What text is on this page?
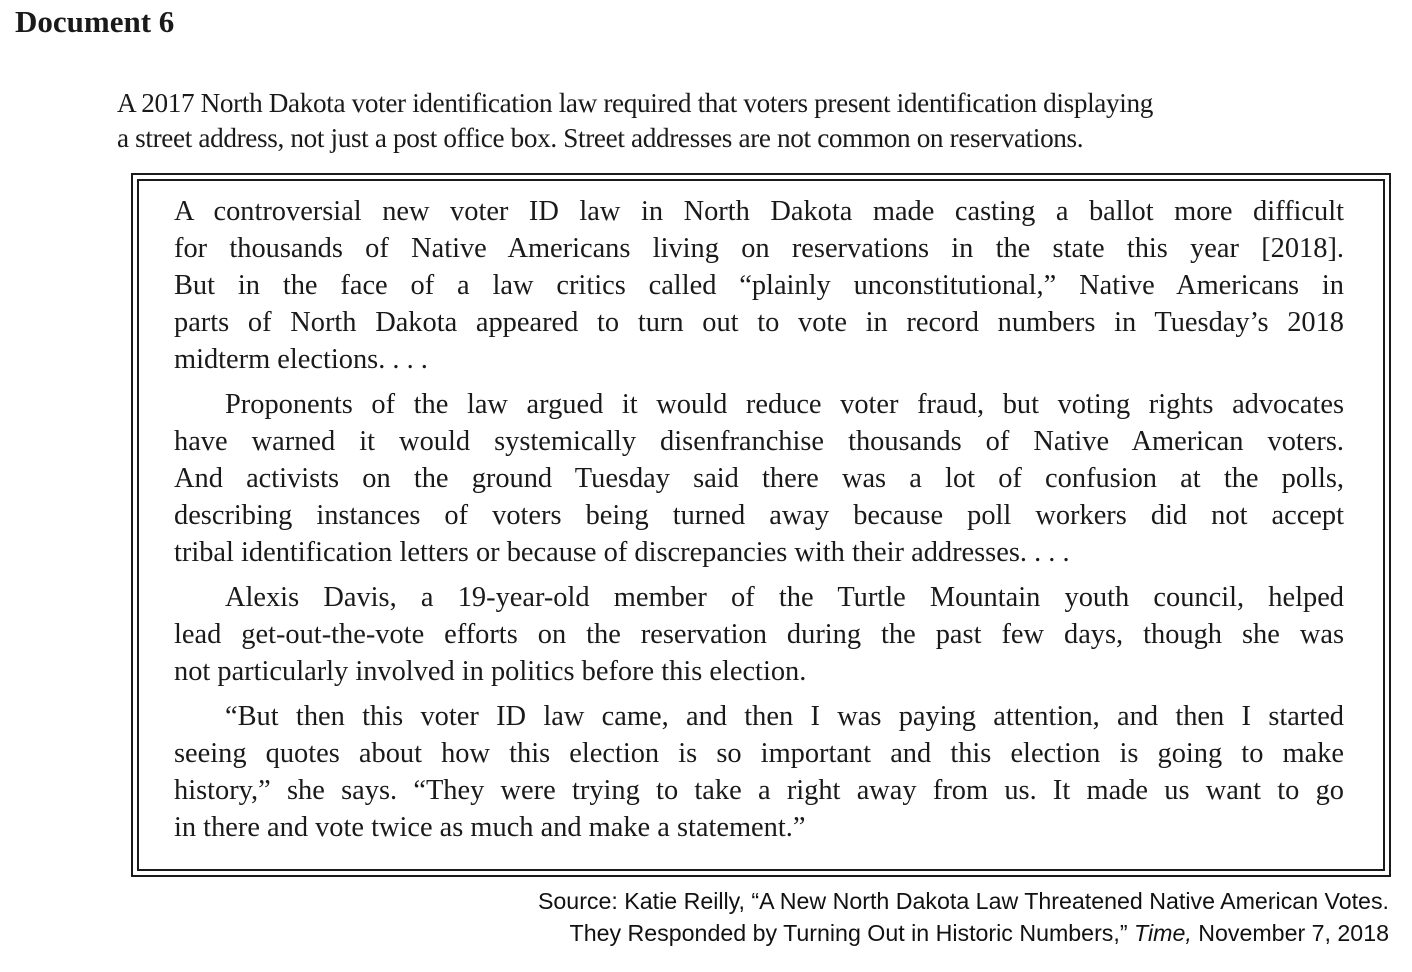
Document 6

A 2017 North Dakota voter identification law required that voters present identification displaying
a street address, not just a post office box. Street addresses are not common on reservations.

A controversial new voter ID law in North Dakota made casting a ballot more difficult
for thousands of Native Americans living on reservations in the state this year [2018].
But in the face of a law critics called “plainly unconstitutional,” Native Americans in
parts of North Dakota appeared to turn out to vote in record numbers in Tuesday’s 2018
midterm elections. . . .

Proponents of the law argued it would reduce voter fraud, but voting rights advocates
have warned it would systemically disenfranchise thousands of Native American voters.
And activists on the ground Tuesday said there was a lot of confusion at the polls,
describing instances of voters being turned away because poll workers did not accept
tribal identification letters or because of discrepancies with their addresses. . . .

Alexis Davis, a 19-year-old member of the Turtle Mountain youth council, helped
lead get-out-the-vote efforts on the reservation during the past few days, though she was
not particularly involved in politics before this election.

“But then this voter ID law came, and then I was paying attention, and then I started
seeing quotes about how this election is so important and this election is going to make
history,” she says. “They were trying to take a right away from us. It made us want to go
in there and vote twice as much and make a statement.”

Source: Katie Reilly, “A New North Dakota Law Threatened Native American Votes.
They Responded by Turning Out in Historic Numbers,” Time, November 7, 2018
